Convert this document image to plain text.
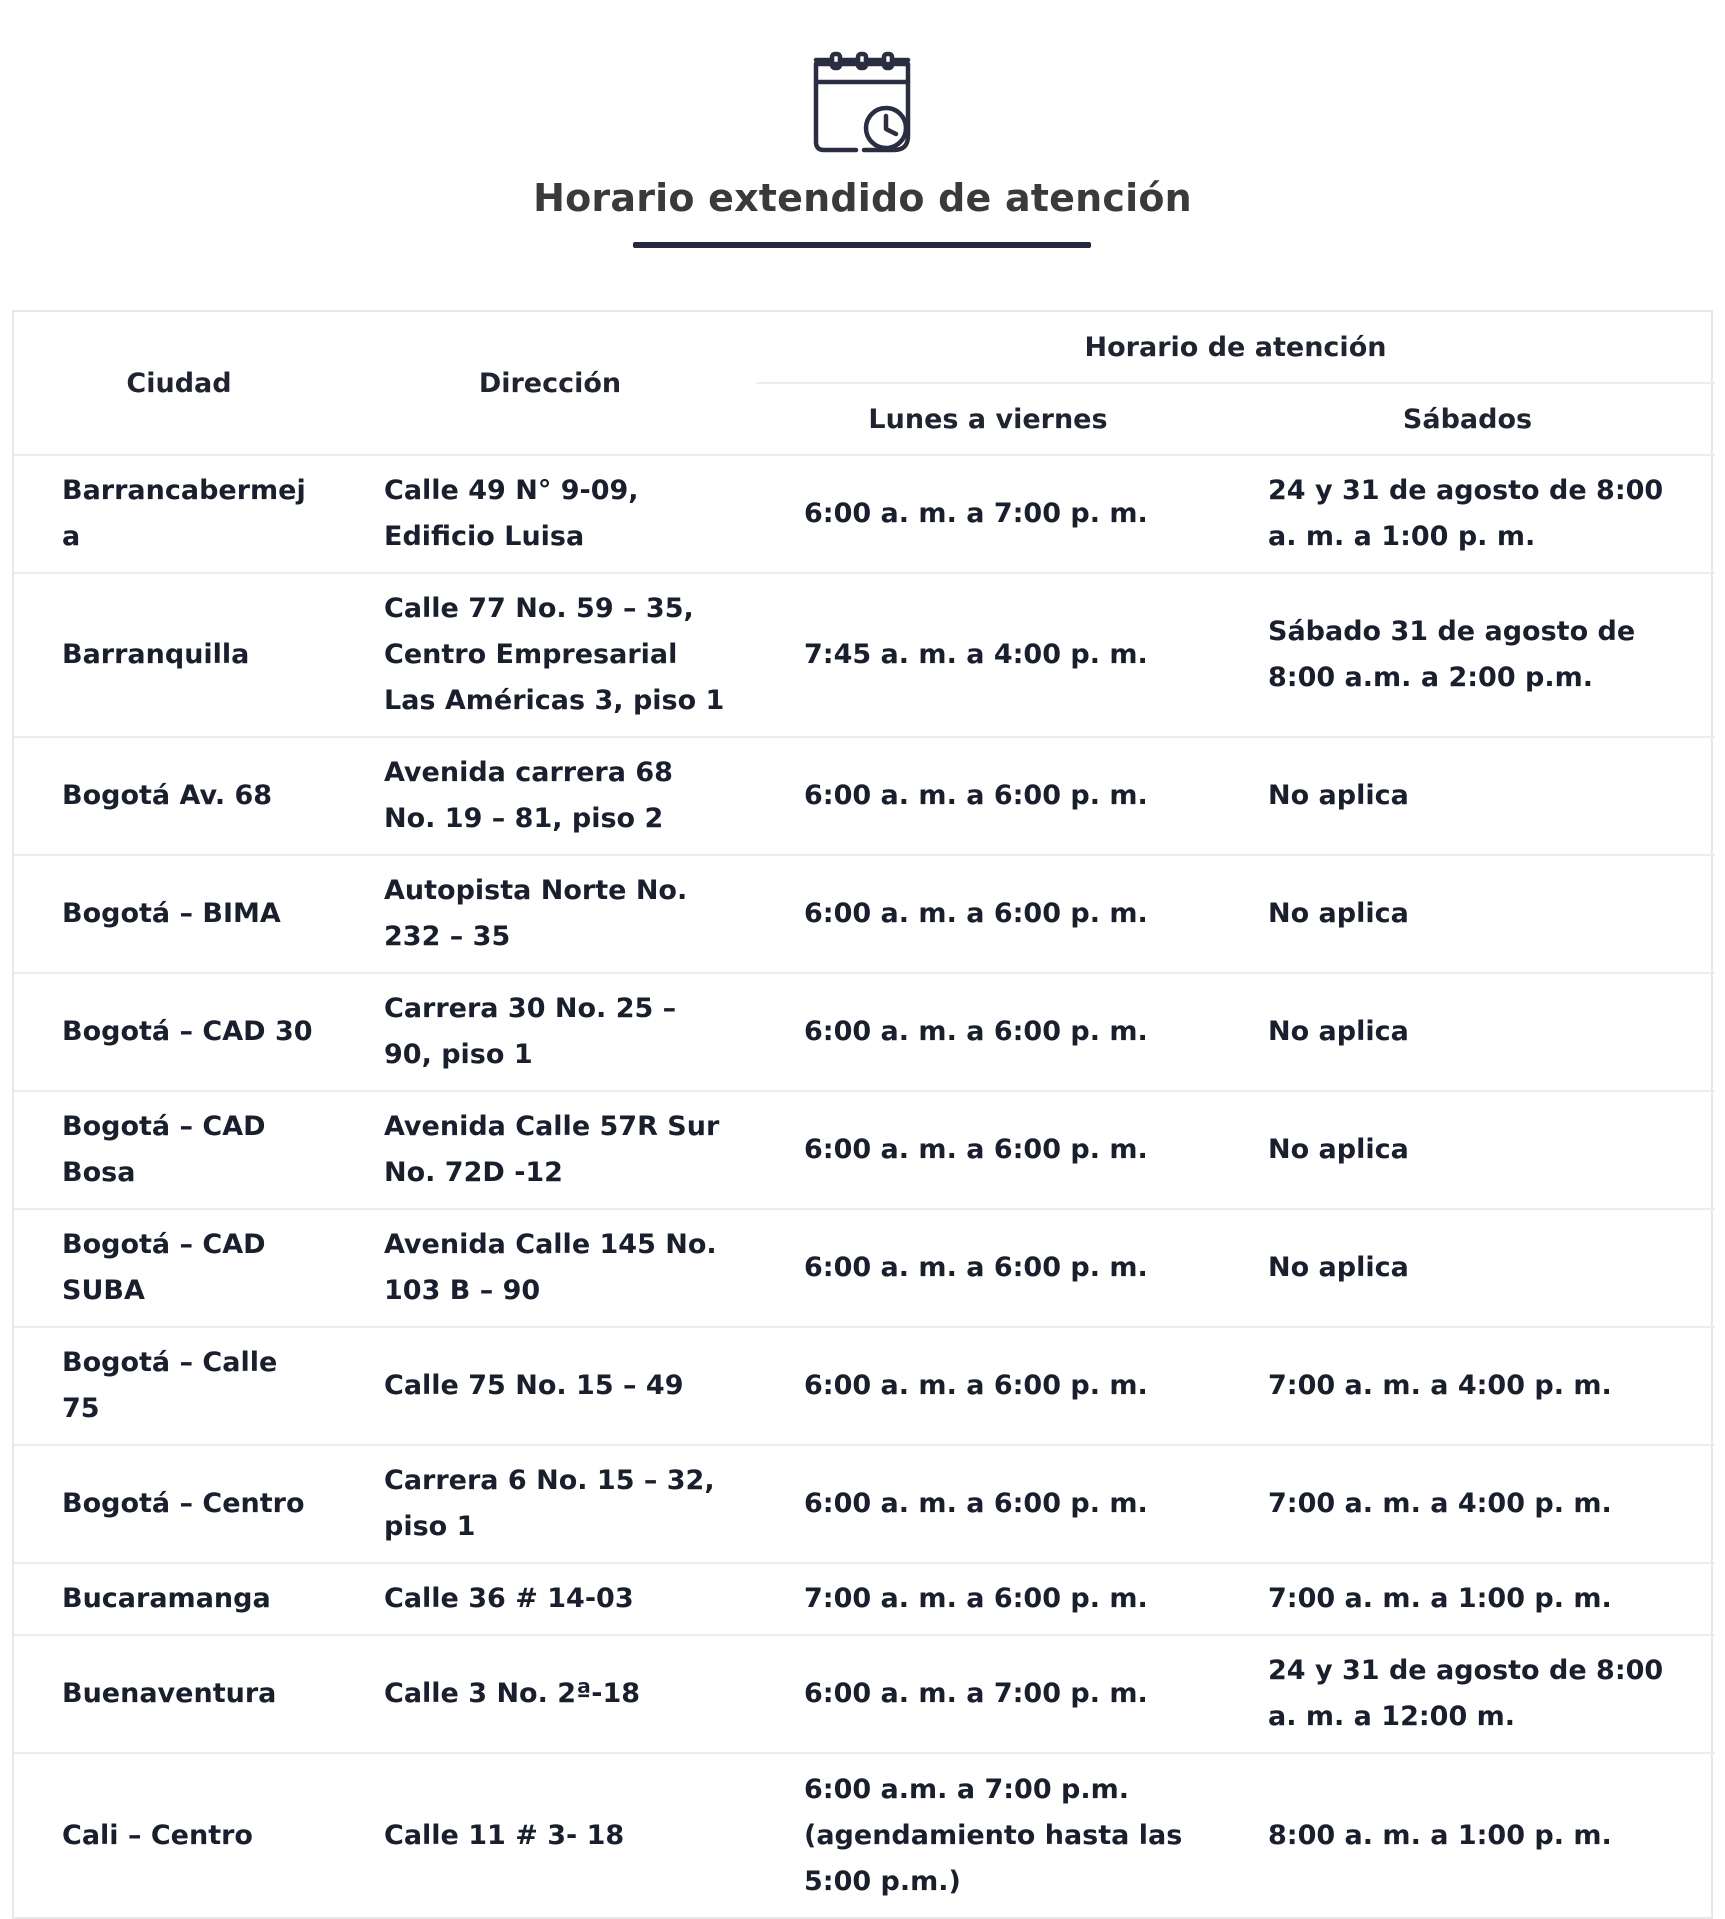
Horario extendido de atención
Ciudad	Dirección	Horario de atención	
		Lunes a viernes	Sábados
Barrancabermeja	Calle 49 N° 9-09, Edificio Luisa	6:00 a. m. a 7:00 p. m.	24 y 31 de agosto de 8:00 a. m. a 1:00 p. m.
Barranquilla	Calle 77 No. 59 – 35, Centro Empresarial Las Américas 3, piso 1	7:45 a. m. a 4:00 p. m.	Sábado 31 de agosto de 8:00 a.m. a 2:00 p.m.
Bogotá Av. 68	Avenida carrera 68 No. 19 – 81, piso 2	6:00 a. m. a 6:00 p. m.	No aplica
Bogotá – BIMA	Autopista Norte No. 232 – 35	6:00 a. m. a 6:00 p. m.	No aplica
Bogotá – CAD 30	Carrera 30 No. 25 – 90, piso 1	6:00 a. m. a 6:00 p. m.	No aplica
Bogotá – CAD Bosa	Avenida Calle 57R Sur No. 72D -12	6:00 a. m. a 6:00 p. m.	No aplica
Bogotá – CAD SUBA	Avenida Calle 145 No. 103 B – 90	6:00 a. m. a 6:00 p. m.	No aplica
Bogotá – Calle 75	Calle 75 No. 15 – 49	6:00 a. m. a 6:00 p. m.	7:00 a. m. a 4:00 p. m.
Bogotá – Centro	Carrera 6 No. 15 – 32, piso 1	6:00 a. m. a 6:00 p. m.	7:00 a. m. a 4:00 p. m.
Bucaramanga	Calle 36 # 14-03	7:00 a. m. a 6:00 p. m.	7:00 a. m. a 1:00 p. m.
Buenaventura	Calle 3 No. 2ª-18	6:00 a. m. a 7:00 p. m.	24 y 31 de agosto de 8:00 a. m. a 12:00 m.
Cali – Centro	Calle 11 # 3- 18	6:00 a.m. a 7:00 p.m. (agendamiento hasta las 5:00 p.m.)	8:00 a. m. a 1:00 p. m.
